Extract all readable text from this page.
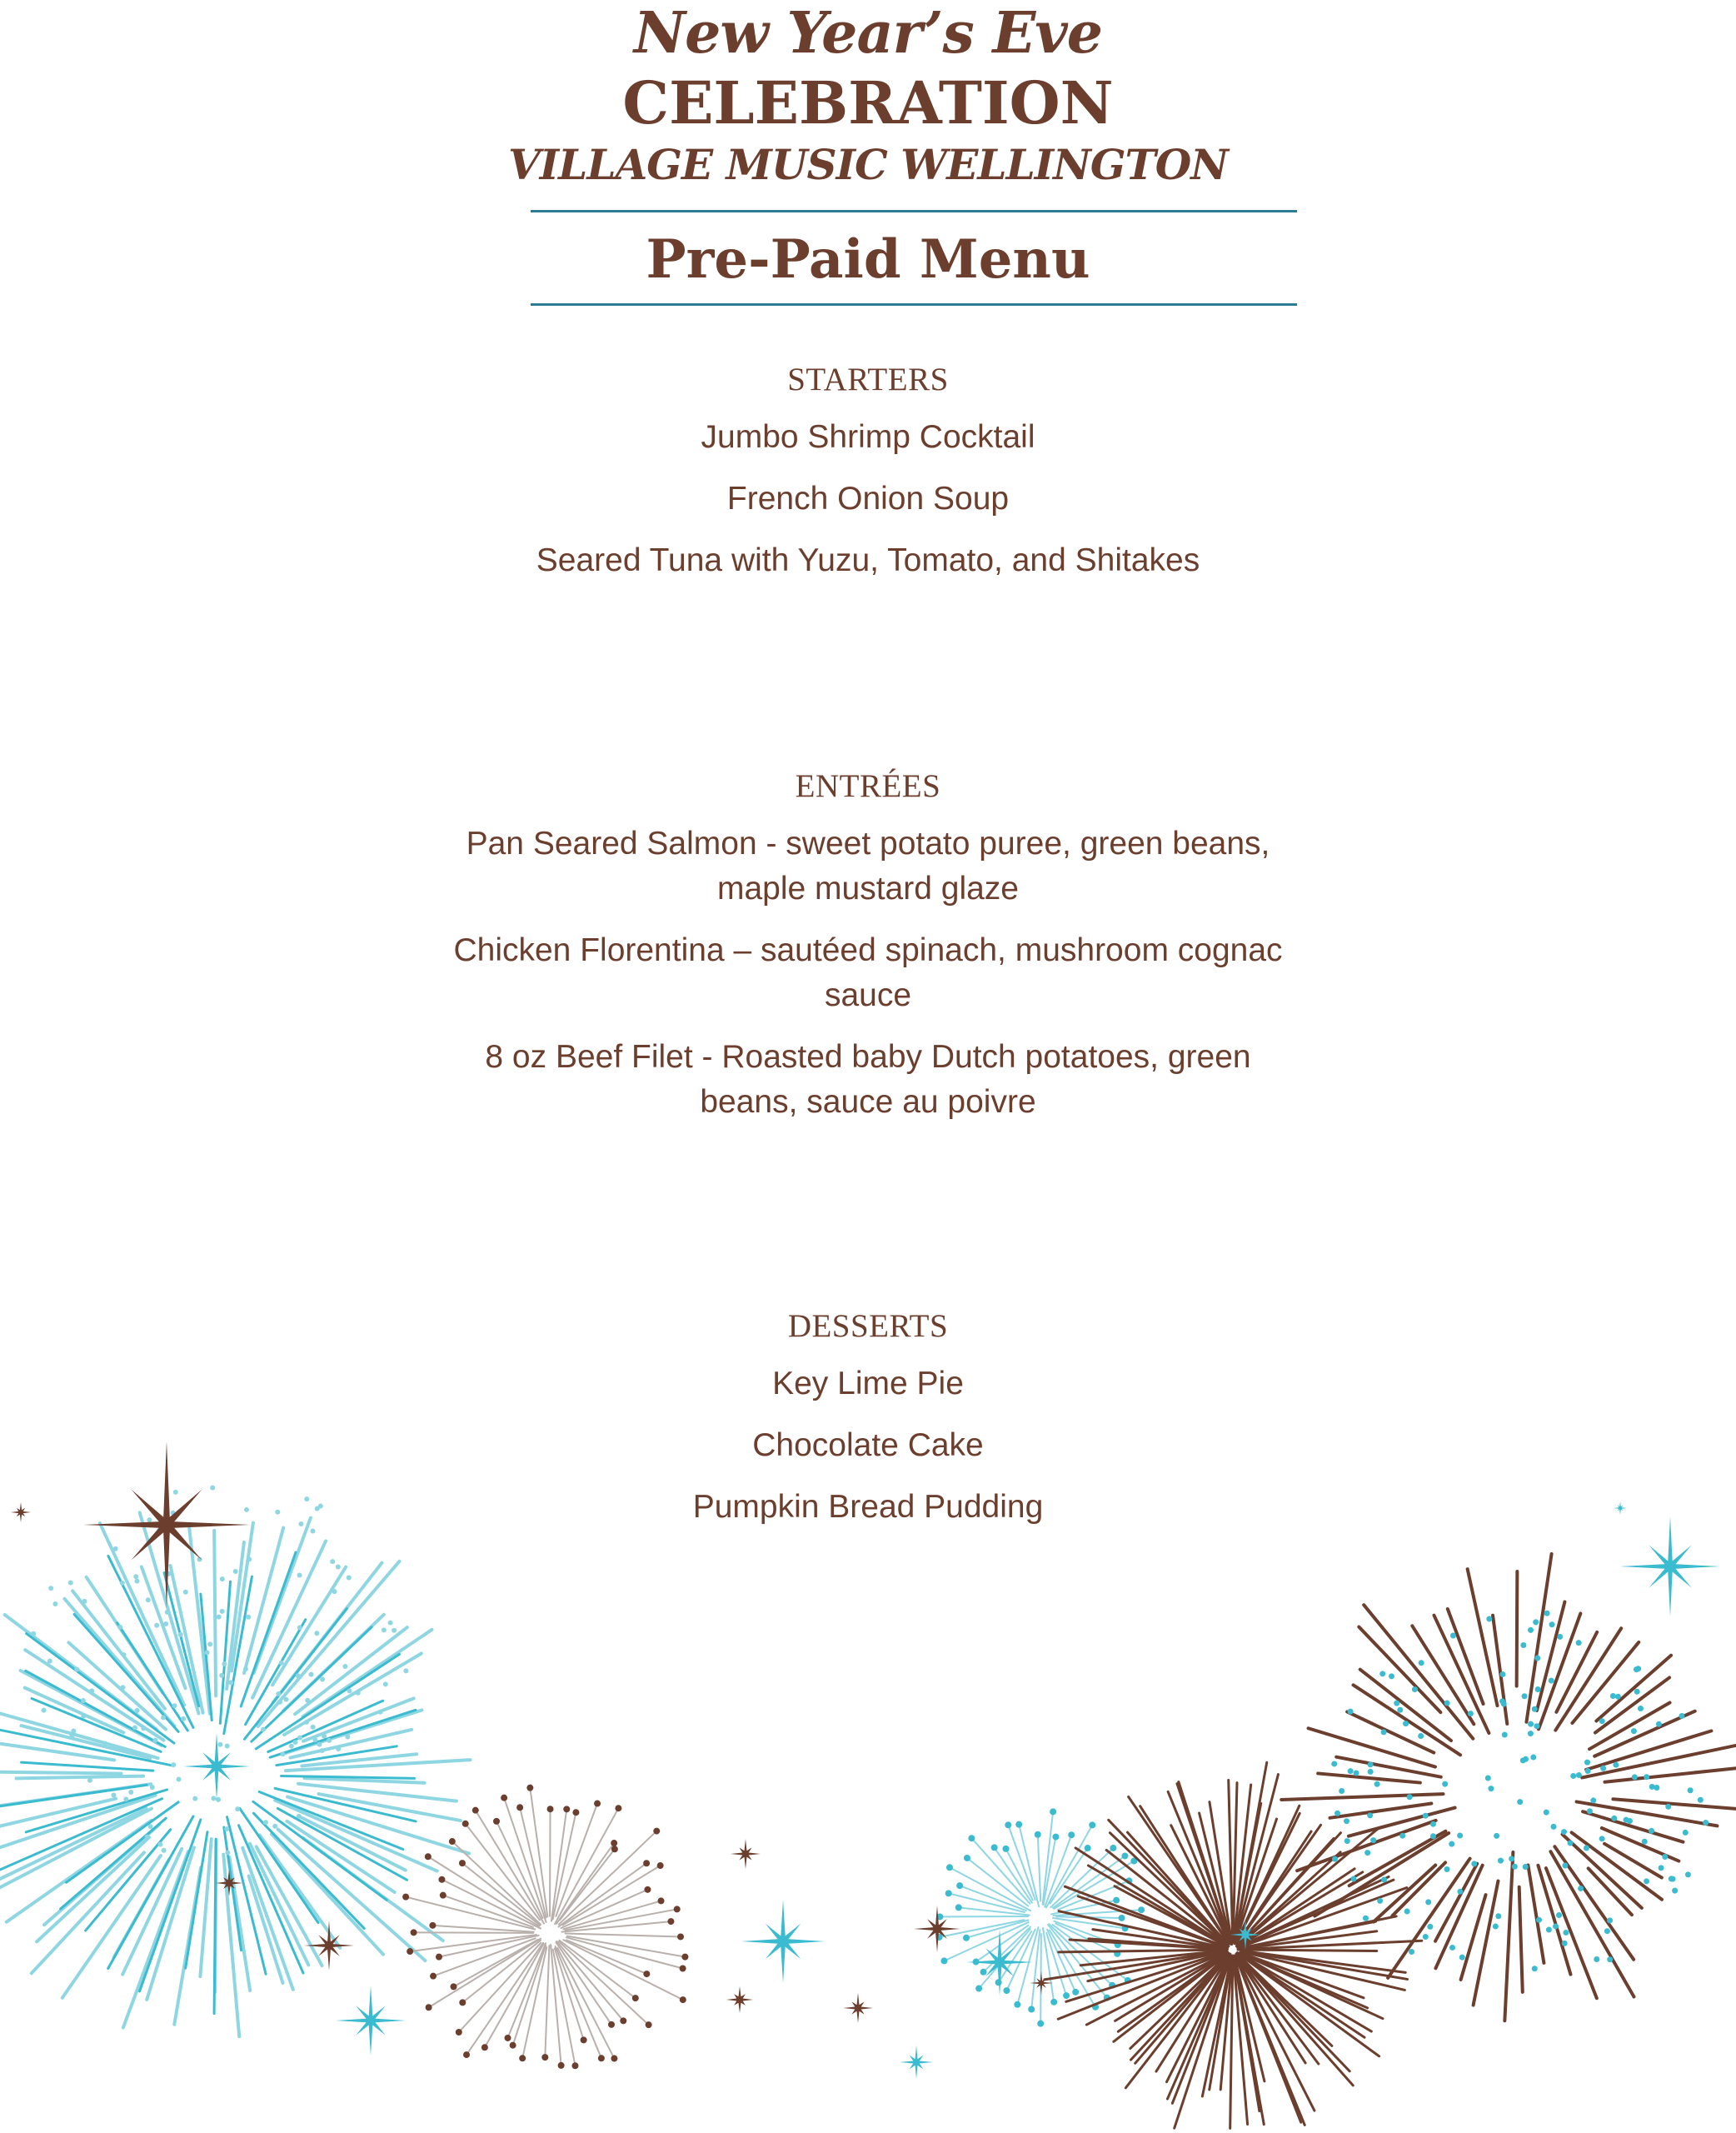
New Year’s Eve
CELEBRATION
VILLAGE MUSIC WELLINGTON
Pre-Paid Menu
STARTERS
Jumbo Shrimp Cocktail
French Onion Soup
Seared Tuna with Yuzu, Tomato, and Shitakes
ENTRÉES
Pan Seared Salmon - sweet potato puree, green beans, maple mustard glaze
Chicken Florentina – sautéed spinach, mushroom cognac sauce
8 oz Beef Filet - Roasted baby Dutch potatoes, green beans, sauce au poivre
DESSERTS
Key Lime Pie
Chocolate Cake
Pumpkin Bread Pudding
